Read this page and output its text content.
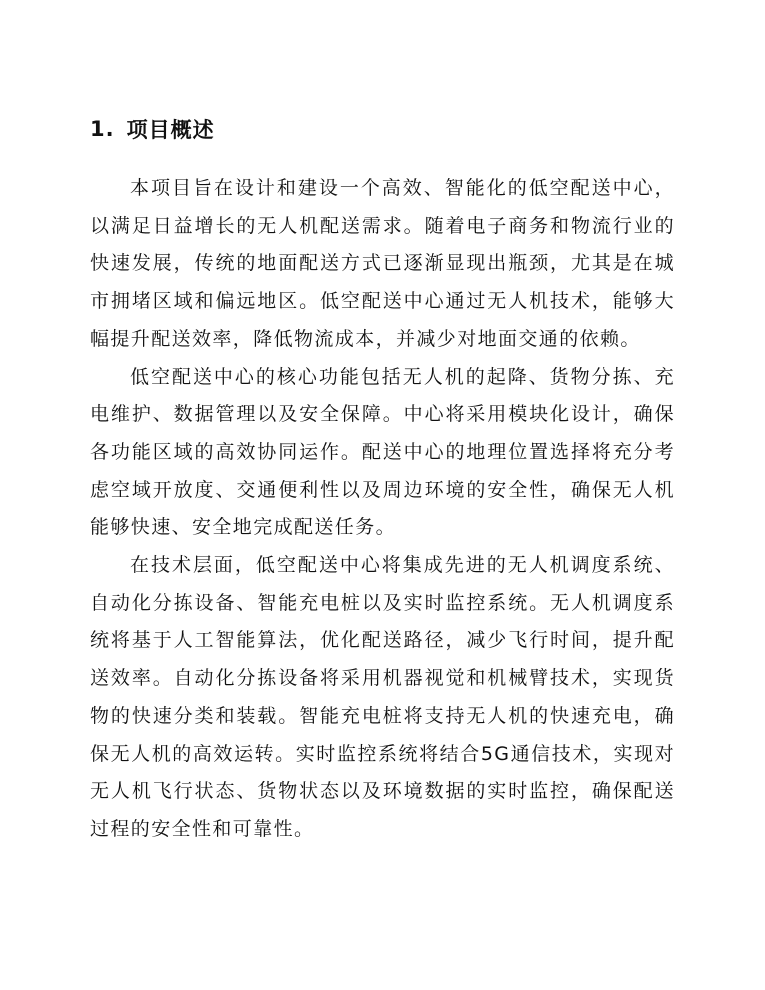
1. 项目概述

本项目旨在设计和建设一个高效、智能化的低空配送中心，以满足日益增长的无人机配送需求。随着电子商务和物流行业的快速发展，传统的地面配送方式已逐渐显现出瓶颈，尤其是在城市拥堵区域和偏远地区。低空配送中心通过无人机技术，能够大幅提升配送效率，降低物流成本，并减少对地面交通的依赖。

低空配送中心的核心功能包括无人机的起降、货物分拣、充电维护、数据管理以及安全保障。中心将采用模块化设计，确保各功能区域的高效协同运作。配送中心的地理位置选择将充分考虑空域开放度、交通便利性以及周边环境的安全性，确保无人机能够快速、安全地完成配送任务。

在技术层面，低空配送中心将集成先进的无人机调度系统、自动化分拣设备、智能充电桩以及实时监控系统。无人机调度系统将基于人工智能算法，优化配送路径，减少飞行时间，提升配送效率。自动化分拣设备将采用机器视觉和机械臂技术，实现货物的快速分类和装载。智能充电桩将支持无人机的快速充电，确保无人机的高效运转。实时监控系统将结合5G通信技术，实现对无人机飞行状态、货物状态以及环境数据的实时监控，确保配送过程的安全性和可靠性。
